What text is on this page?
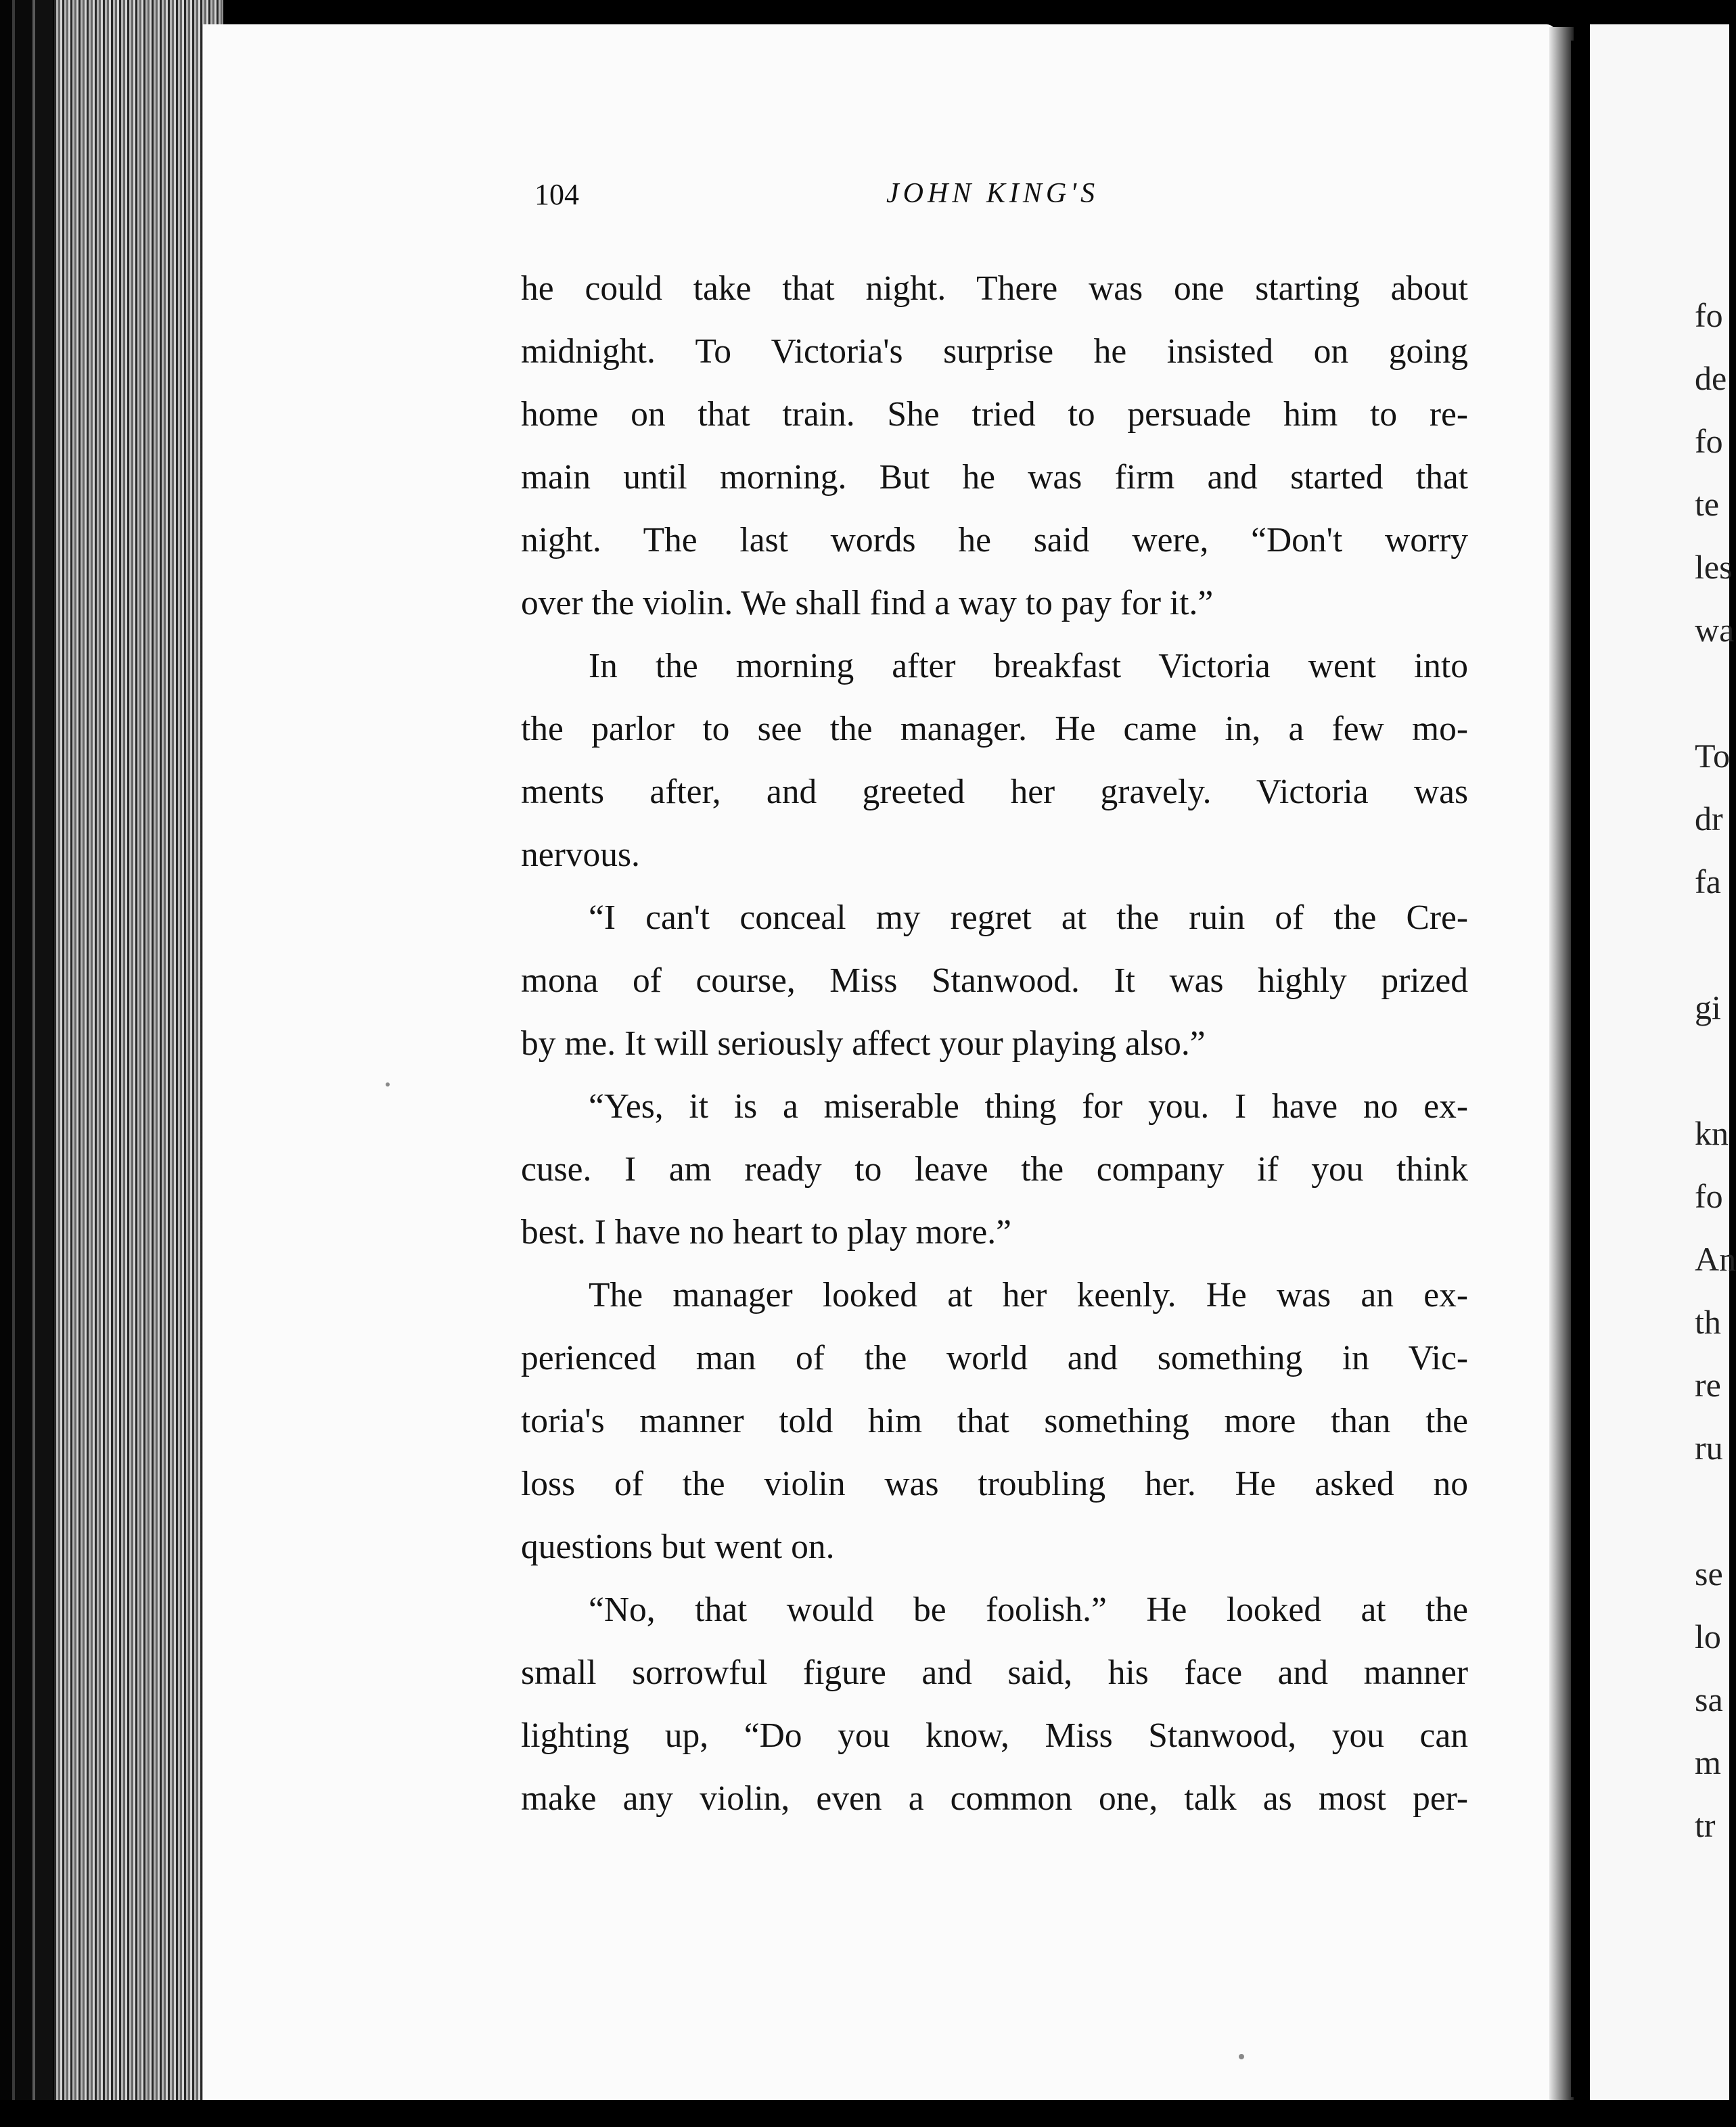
104	JOHN KING'S
he could take that night. There was one starting about
midnight. To Victoria's surprise he insisted on going
home on that train. She tried to persuade him to re-
main until morning. But he was firm and started that
night. The last words he said were, “Don't worry
over the violin. We shall find a way to pay for it.”
In the morning after breakfast Victoria went into
the parlor to see the manager. He came in, a few mo-
ments after, and greeted her gravely. Victoria was
nervous.
“I can't conceal my regret at the ruin of the Cre-
mona of course, Miss Stanwood. It was highly prized
by me. It will seriously affect your playing also.”
“Yes, it is a miserable thing for you. I have no ex-
cuse. I am ready to leave the company if you think
best. I have no heart to play more.”
The manager looked at her keenly. He was an ex-
perienced man of the world and something in Vic-
toria's manner told him that something more than the
loss of the violin was troubling her. He asked no
questions but went on.
“No, that would be foolish.” He looked at the
small sorrowful figure and said, his face and manner
lighting up, “Do you know, Miss Stanwood, you can
make any violin, even a common one, talk as most per-
fo
de
fo
te
les
wa
To
dr
fa
gi
kn
fo
An
th
re
ru
se
lo
sa
m
tr
